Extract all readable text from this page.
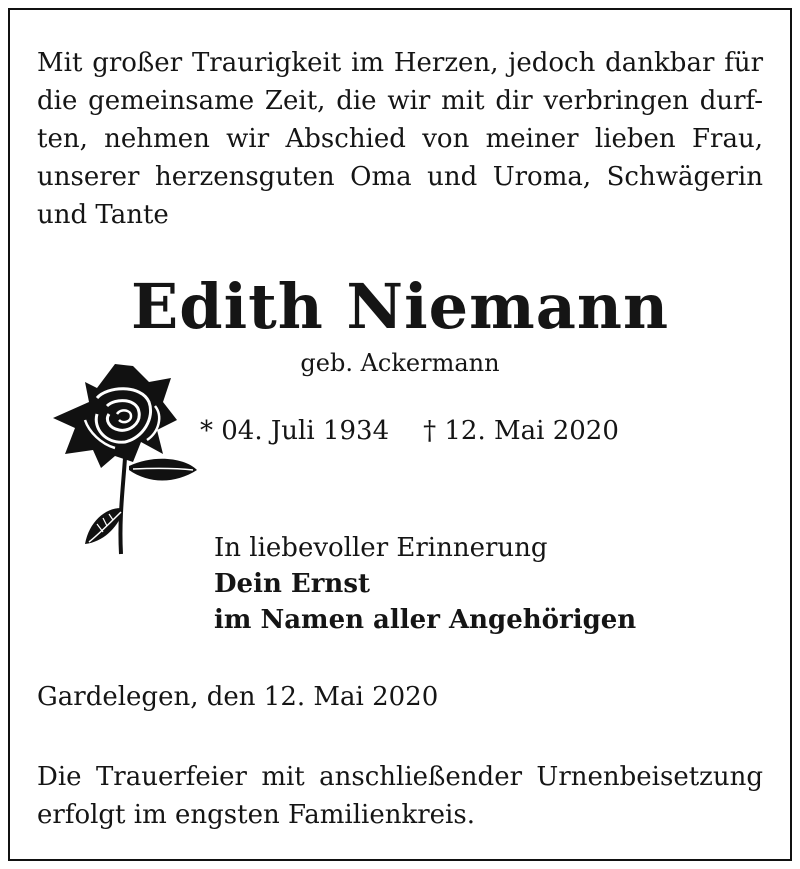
Mit großer Traurigkeit im Herzen, jedoch dankbar für
die gemeinsame Zeit, die wir mit dir verbringen durf-
ten, nehmen wir Abschied von meiner lieben Frau,
unserer herzensguten Oma und Uroma, Schwägerin
und Tante
Edith Niemann
geb. Ackermann
* 04. Juli 1934 † 12. Mai 2020
In liebevoller Erinnerung
Dein Ernst
im Namen aller Angehörigen
Gardelegen, den 12. Mai 2020
Die Trauerfeier mit anschließender Urnenbeisetzung
erfolgt im engsten Familienkreis.
